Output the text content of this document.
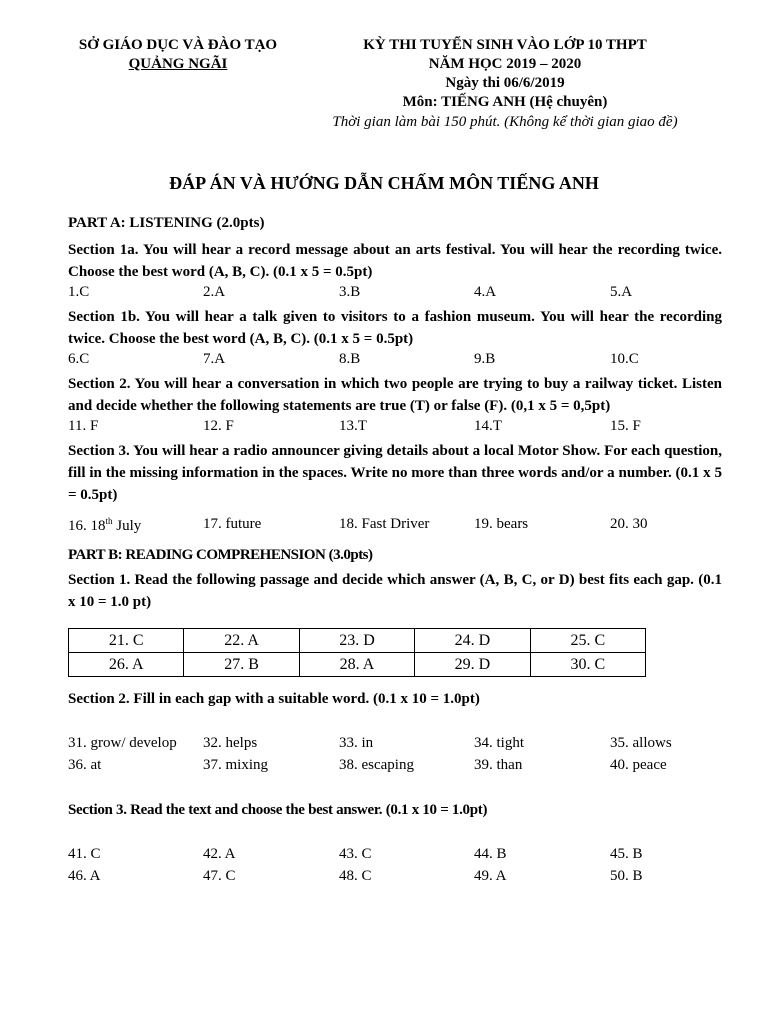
SỞ GIÁO DỤC VÀ ĐÀO TẠO
QUẢNG NGÃI
KỲ THI TUYỂN SINH VÀO LỚP 10 THPT
NĂM HỌC 2019 – 2020
Ngày thi 06/6/2019
Môn: TIẾNG ANH (Hệ chuyên)
Thời gian làm bài 150 phút. (Không kể thời gian giao đề)
ĐÁP ÁN VÀ HƯỚNG DẪN CHẤM MÔN TIẾNG ANH
PART A: LISTENING (2.0pts)
Section 1a. You will hear a record message about an arts festival. You will hear the recording twice. Choose the best word (A, B, C). (0.1 x 5 = 0.5pt)
1.C	2.A	3.B	4.A	5.A
Section 1b. You will hear a talk given to visitors to a fashion museum. You will hear the recording twice. Choose the best word (A, B, C). (0.1 x 5 = 0.5pt)
6.C	7.A	8.B	9.B	10.C
Section 2. You will hear a conversation in which two people are trying to buy a railway ticket. Listen and decide whether the following statements are true (T) or false (F). (0,1 x 5 = 0,5pt)
11. F	12. F	13.T	14.T	15. F
Section 3. You will hear a radio announcer giving details about a local Motor Show. For each question, fill in the missing information in the spaces. Write no more than three words and/or a number. (0.1 x 5 = 0.5pt)
16. 18th July	17. future	18. Fast Driver	19. bears	20. 30
PART B: READING COMPREHENSION (3.0pts)
Section 1. Read the following passage and decide which answer (A, B, C, or D) best fits each gap. (0.1 x 10 = 1.0 pt)
21. C	22. A	23. D	24. D	25. C
26. A	27. B	28. A	29. D	30. C
Section 2. Fill in each gap with a suitable word. (0.1 x 10 = 1.0pt)
31. grow/ develop 32. helps	33. in	34. tight	35. allows
36. at	37. mixing	38. escaping	39. than	40. peace
Section 3. Read the text and choose the best answer. (0.1 x 10 = 1.0pt)
41. C	42. A	43. C	44. B	45. B
46. A	47. C	48. C	49. A	50. B
